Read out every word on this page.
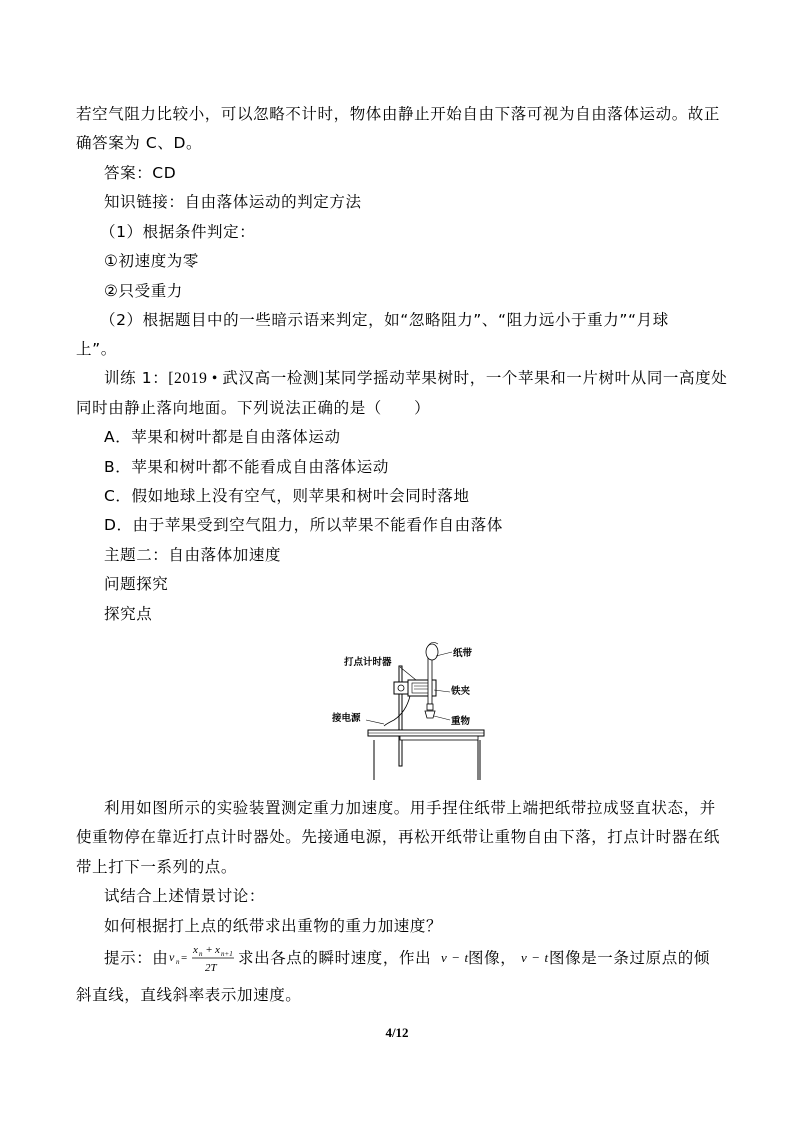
若空气阻力比较小，可以忽略不计时，物体由静止开始自由下落可视为自由落体运动。故正
确答案为 C、D。
答案：CD
知识链接：自由落体运动的判定方法
（1）根据条件判定：
①初速度为零
②只受重力
（2）根据题目中的一些暗示语来判定，如“忽略阻力”、“阻力远小于重力”“月球
上”。
训练 1：[2019 • 武汉高一检测]某同学摇动苹果树时，一个苹果和一片树叶从同一高度处
同时由静止落向地面。下列说法正确的是（　　）
A．苹果和树叶都是自由落体运动
B．苹果和树叶都不能看成自由落体运动
C．假如地球上没有空气，则苹果和树叶会同时落地
D．由于苹果受到空气阻力，所以苹果不能看作自由落体
主题二：自由落体加速度
问题探究
探究点
打点计时器
纸带
铁夹
接电源	重物
利用如图所示的实验装置测定重力加速度。用手捏住纸带上端把纸带拉成竖直状态，并
使重物停在靠近打点计时器处。先接通电源，再松开纸带让重物自由下落，打点计时器在纸
带上打下一系列的点。
试结合上述情景讨论：
如何根据打上点的纸带求出重物的重力加速度？
提示：由 v n =
x n + x n+1
2T
求出各点的瞬时速度，作出 v − t 图像， v − t 图像是一条过原点的倾
斜直线，直线斜率表示加速度。
4/12
